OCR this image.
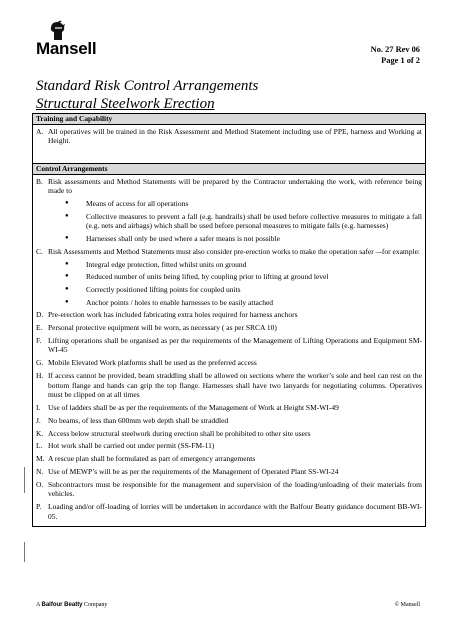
Mansell	No. 27 Rev 06
Page 1 of 2
Standard Risk Control Arrangements
Structural Steelwork Erection
Training and Capability
A. All operatives will be trained in the Risk Assessment and Method Statement including use of PPE, harness and Working at Height.
Control Arrangements
B. Risk assessments and Method Statements will be prepared by the Contractor undertaking the work, with reference being made to
● Means of access for all operations
● Collective measures to prevent a fall (e.g. handrails) shall be used before collective measures to mitigate a fall (e.g. nets and airbags) which shall be used before personal measures to mitigate falls (e.g. harnesses)
● Harnesses shall only be used where a safer means is not possible
C. Risk Assessments and Method Statements must also consider pre-erection works to make the operation safer –-for example:
● Integral edge protection, fitted whilst units on ground
● Reduced number of units being lifted, by coupling prior to lifting at ground level
● Correctly positioned lifting points for coupled units
● Anchor points / holes to enable harnesses to be easily attached
D. Pre-erection work has included fabricating extra holes required for harness anchors
E. Personal protective equipment will be worn, as necessary ( as per SRCA 10)
F. Lifting operations shall be organised as per the requirements of the Management of Lifting Operations and Equipment SM-WI-45
G. Mobile Elevated Work platforms shall be used as the preferred access
H. If access cannot be provided, beam straddling shall be allowed on sections where the worker’s sole and heel can rest on the bottom flange and hands can grip the top flange. Harnesses shall have two lanyards for negotiating columns. Operatives must be clipped on at all times
I. Use of ladders shall be as per the requirements of the Management of Work at Height SM-WI-49
J. No beams, of less than 600mm web depth shall be straddled
K. Access below structural steelwork during erection shall be prohibited to other site users
L. Hot work shall be carried out under permit (SS-FM-11)
M. A rescue plan shall be formulated as part of emergency arrangements
N. Use of MEWP’s will be as per the requirements of the Management of Operated Plant SS-WI-24
O. Subcontractors must be responsible for the management and supervision of the loading/unloading of their materials from vehicles.
P. Loading and/or off-loading of lorries will be undertaken in accordance with the Balfour Beatty guidance document BB-WI-05.
A Balfour Beatty Company	© Mansell
